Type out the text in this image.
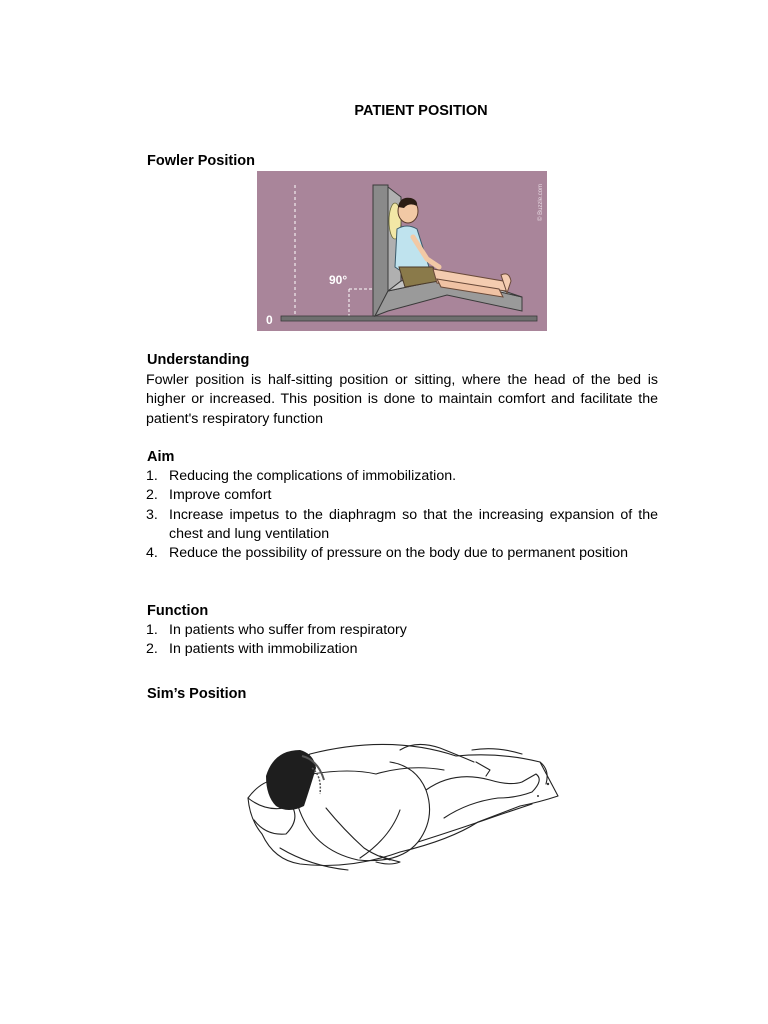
PATIENT POSITION
Fowler Position
90°
0
© Buzzle.com
Understanding
Fowler position is half-sitting position or sitting, where the head of the bed is higher or increased. This position is done to maintain comfort and facilitate the patient's respiratory function
Aim
1. Reducing the complications of immobilization.
2. Improve comfort
3. Increase impetus to the diaphragm so that the increasing expansion of the chest and lung ventilation
4. Reduce the possibility of pressure on the body due to permanent position
Function
1. In patients who suffer from respiratory
2. In patients with immobilization
Sim’s Position
